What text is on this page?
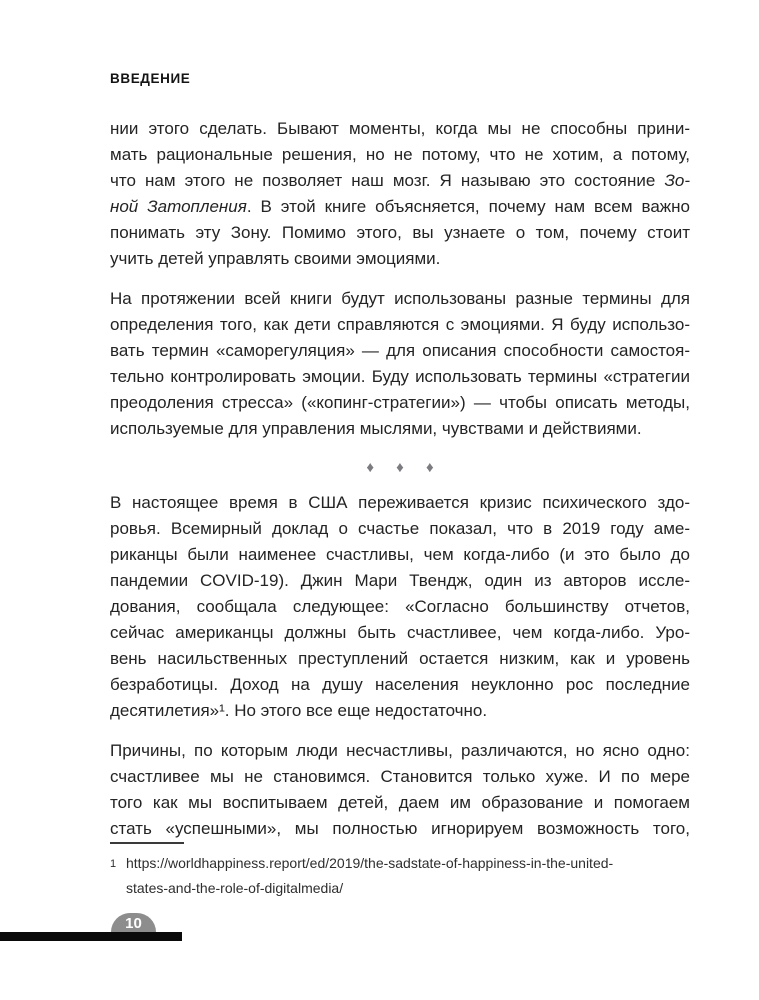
ВВЕДЕНИЕ
нии этого сделать. Бывают моменты, когда мы не способны прини-
мать рациональные решения, но не потому, что не хотим, а потому,
что нам этого не позволяет наш мозг. Я называю это состояние Зо-
ной Затопления. В этой книге объясняется, почему нам всем важно
понимать эту Зону. Помимо этого, вы узнаете о том, почему стоит
учить детей управлять своими эмоциями.
На протяжении всей книги будут использованы разные термины для
определения того, как дети справляются с эмоциями. Я буду использо-
вать термин «саморегуляция» — для описания способности самостоя-
тельно контролировать эмоции. Буду использовать термины «стратегии
преодоления стресса» («копинг-стратегии») — чтобы описать методы,
используемые для управления мыслями, чувствами и действиями.
♦ ♦ ♦
В настоящее время в США переживается кризис психического здо-
ровья. Всемирный доклад о счастье показал, что в 2019 году аме-
риканцы были наименее счастливы, чем когда-либо (и это было до
пандемии COVID-19). Джин Мари Твендж, один из авторов иссле-
дования, сообщала следующее: «Согласно большинству отчетов,
сейчас американцы должны быть счастливее, чем когда-либо. Уро-
вень насильственных преступлений остается низким, как и уровень
безработицы. Доход на душу населения неуклонно рос последние
десятилетия»¹. Но этого все еще недостаточно.
Причины, по которым люди несчастливы, различаются, но ясно одно:
счастливее мы не становимся. Становится только хуже. И по мере
того как мы воспитываем детей, даем им образование и помогаем
стать «успешными», мы полностью игнорируем возможность того,
1 https://worldhappiness.report/ed/2019/the-sadstate-of-happiness-in-the-united-
states-and-the-role-of-digitalmedia/
10
